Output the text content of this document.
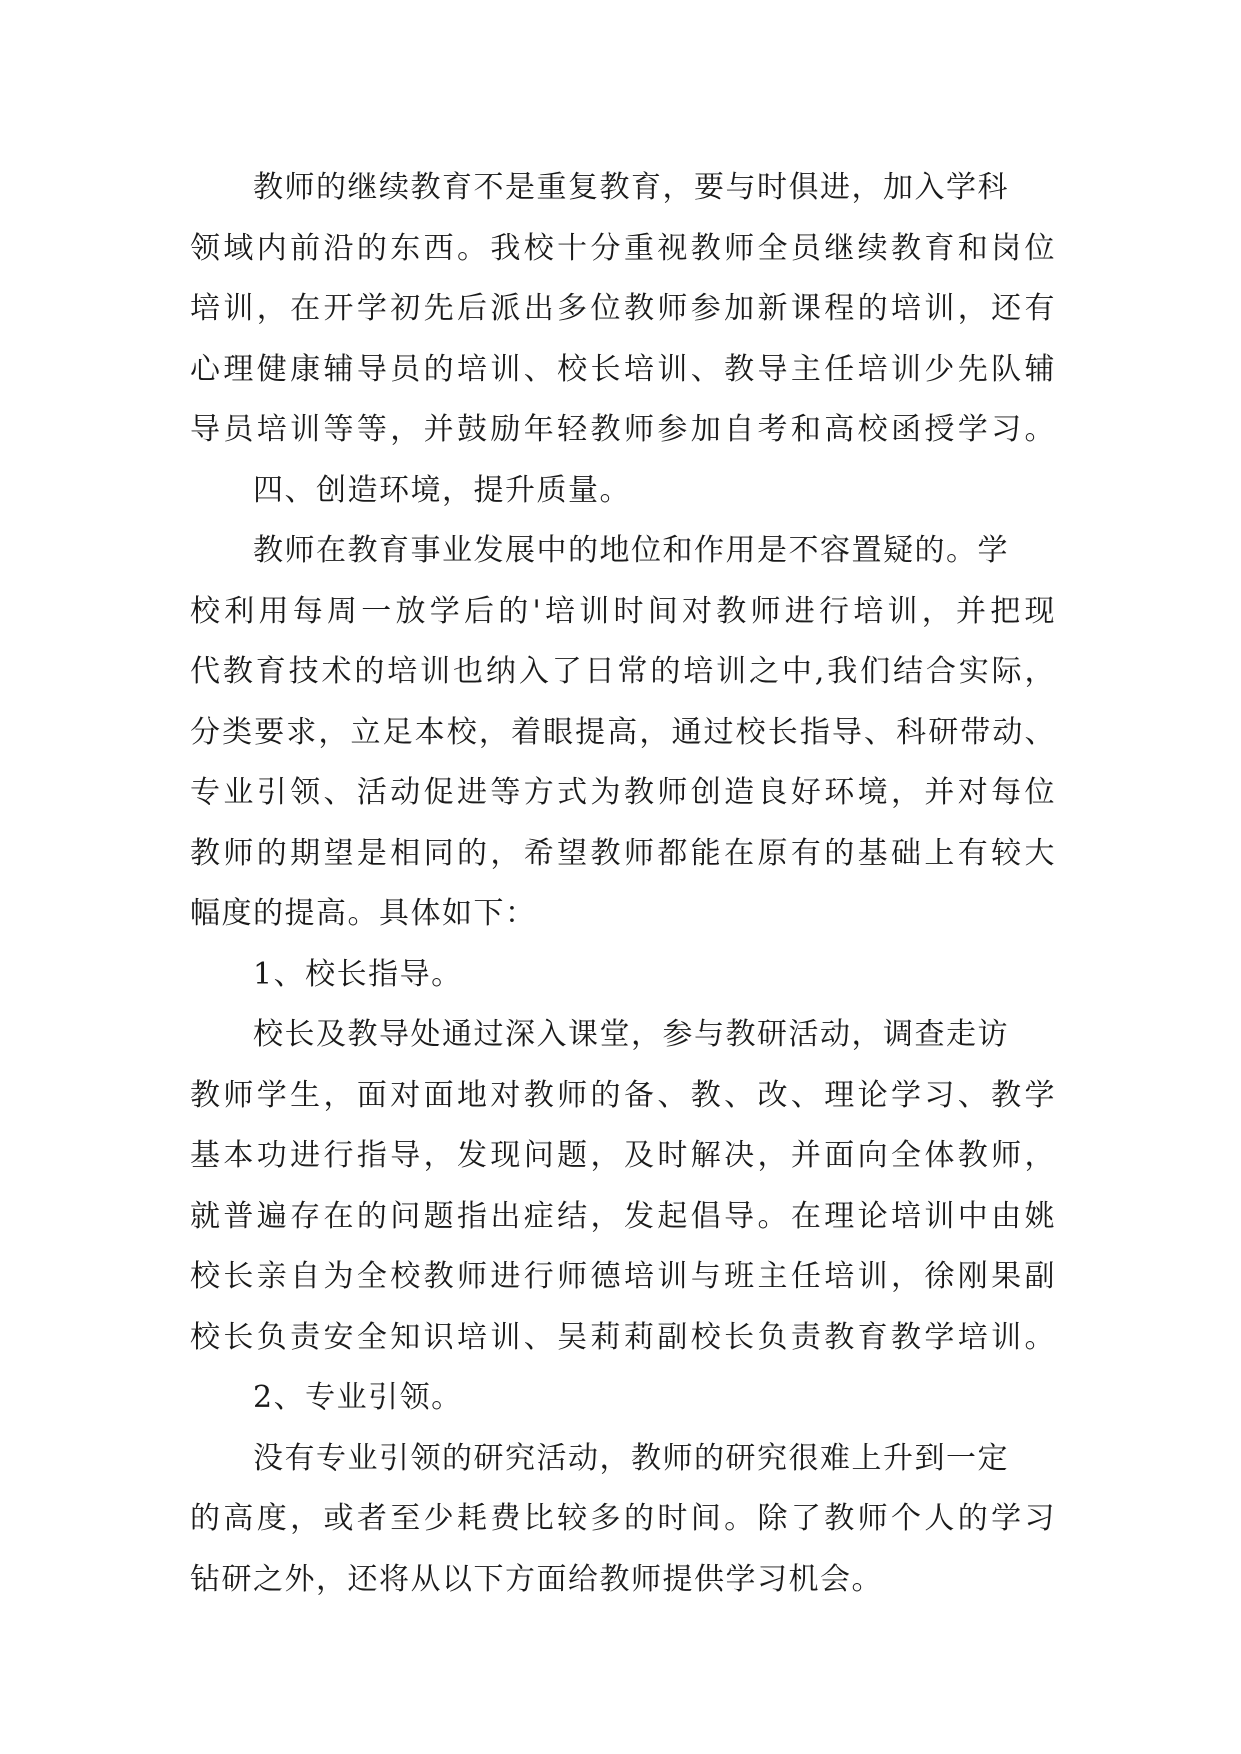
教师的继续教育不是重复教育，要与时俱进，加入学科
领域内前沿的东西。我校十分重视教师全员继续教育和岗位
培训，在开学初先后派出多位教师参加新课程的培训，还有
心理健康辅导员的培训、校长培训、教导主任培训少先队辅
导员培训等等，并鼓励年轻教师参加自考和高校函授学习。
四、创造环境，提升质量。
教师在教育事业发展中的地位和作用是不容置疑的。学
校利用每周一放学后的'培训时间对教师进行培训，并把现
代教育技术的培训也纳入了日常的培训之中,我们结合实际，
分类要求，立足本校，着眼提高，通过校长指导、科研带动、
专业引领、活动促进等方式为教师创造良好环境，并对每位
教师的期望是相同的，希望教师都能在原有的基础上有较大
幅度的提高。具体如下：
1、校长指导。
校长及教导处通过深入课堂，参与教研活动，调查走访
教师学生，面对面地对教师的备、教、改、理论学习、教学
基本功进行指导，发现问题，及时解决，并面向全体教师，
就普遍存在的问题指出症结，发起倡导。在理论培训中由姚
校长亲自为全校教师进行师德培训与班主任培训，徐刚果副
校长负责安全知识培训、吴莉莉副校长负责教育教学培训。
2、专业引领。
没有专业引领的研究活动，教师的研究很难上升到一定
的高度，或者至少耗费比较多的时间。除了教师个人的学习
钻研之外，还将从以下方面给教师提供学习机会。
